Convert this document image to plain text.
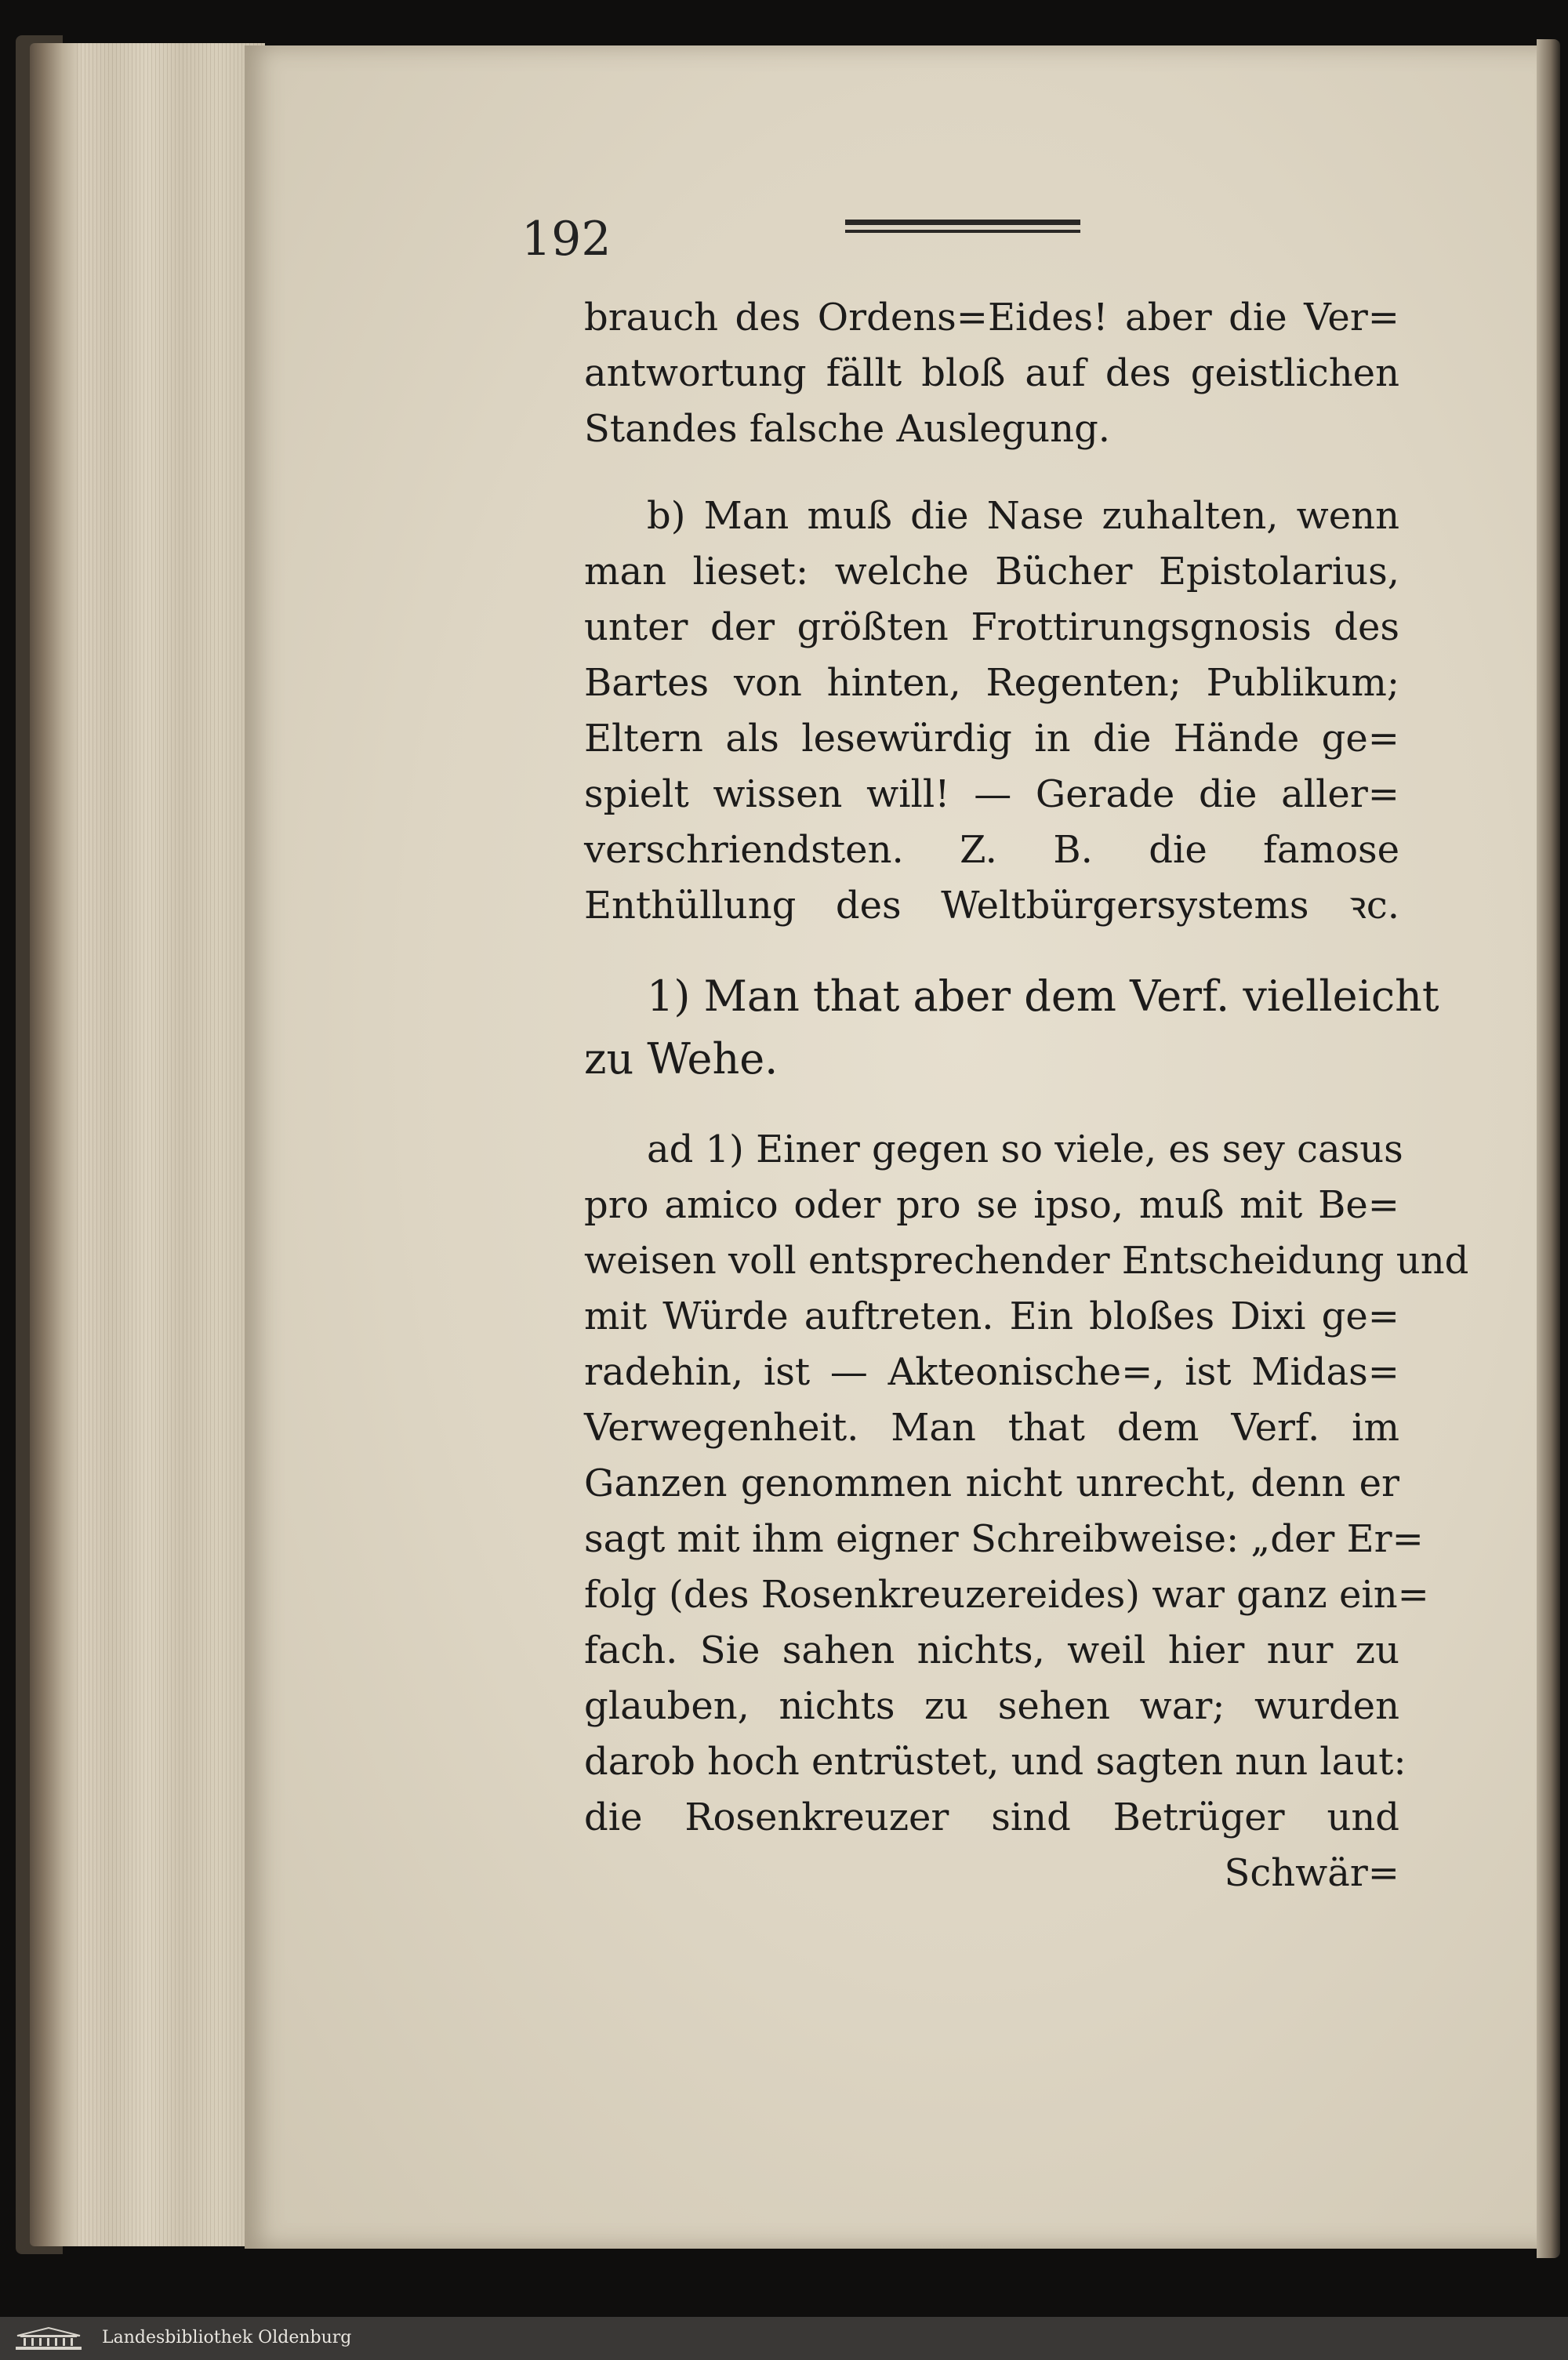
192
brauch des Ordens=Eides! aber die Ver=
antwortung fällt bloß auf des geistlichen
Standes falsche Auslegung.
b) Man muß die Nase zuhalten, wenn
man lieset: welche Bücher Epistolarius,
unter der größten Frottirungsgnosis des
Bartes von hinten, Regenten; Publikum;
Eltern als lesewürdig in die Hände ge=
spielt wissen will! — Gerade die aller=
verschriendsten. Z. B. die famose
Enthüllung des Weltbürgersystems ꝛc.
1) Man that aber dem Verf. vielleicht
zu Wehe.
ad 1) Einer gegen so viele, es sey casus
pro amico oder pro se ipso, muß mit Be=
weisen voll entsprechender Entscheidung und
mit Würde auftreten. Ein bloßes Dixi ge=
radehin, ist — Akteonische=, ist Midas=
Verwegenheit. Man that dem Verf. im
Ganzen genommen nicht unrecht, denn er
sagt mit ihm eigner Schreibweise: „der Er=
folg (des Rosenkreuzereides) war ganz ein=
fach. Sie sahen nichts, weil hier nur zu
glauben, nichts zu sehen war; wurden
darob hoch entrüstet, und sagten nun laut:
die Rosenkreuzer sind Betrüger und
Schwär=
Landesbibliothek Oldenburg
